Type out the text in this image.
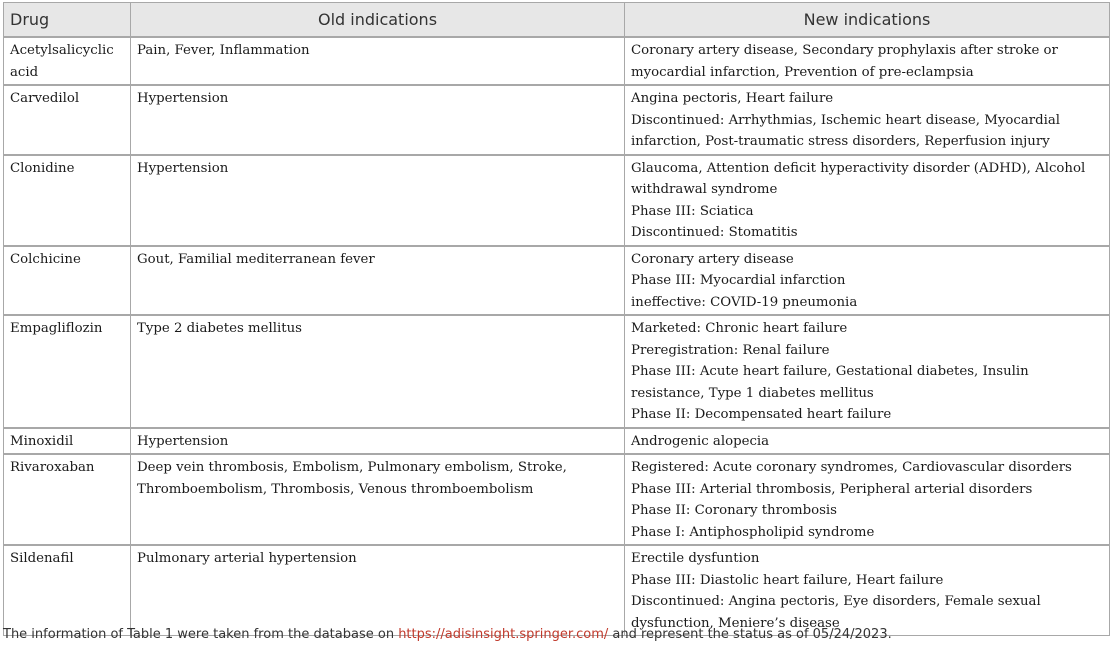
Drug	Old indications	New indications
Acetylsalicyclic acid	Pain, Fever, Inflammation	Coronary artery disease, Secondary prophylaxis after stroke or myocardial infarction, Prevention of pre-eclampsia

Carvedilol	Hypertension	Angina pectoris, Heart failure
Discontinued: Arrhythmias, Ischemic heart disease, Myocardial infarction, Post-traumatic stress disorders, Reperfusion injury

Clonidine	Hypertension	Glaucoma, Attention deficit hyperactivity disorder (ADHD), Alcohol withdrawal syndrome
Phase III: Sciatica
Discontinued: Stomatitis

Colchicine	Gout, Familial mediterranean fever	Coronary artery disease
Phase III: Myocardial infarction
ineffective: COVID-19 pneumonia

Empagliflozin	Type 2 diabetes mellitus	Marketed: Chronic heart failure
Preregistration: Renal failure
Phase III: Acute heart failure, Gestational diabetes, Insulin resistance, Type 1 diabetes mellitus
Phase II: Decompensated heart failure

Minoxidil	Hypertension	Androgenic alopecia

Rivaroxaban	Deep vein thrombosis, Embolism, Pulmonary embolism, Stroke, Thromboembolism, Thrombosis, Venous thromboembolism	Registered: Acute coronary syndromes, Cardiovascular disorders
Phase III: Arterial thrombosis, Peripheral arterial disorders
Phase II: Coronary thrombosis
Phase I: Antiphospholipid syndrome

Sildenafil	Pulmonary arterial hypertension	Erectile dysfuntion
Phase III: Diastolic heart failure, Heart failure
Discontinued: Angina pectoris, Eye disorders, Female sexual dysfunction, Meniere’s disease
The information of Table 1 were taken from the database on https://adisinsight.springer.com/ and represent the status as of 05/24/2023.
